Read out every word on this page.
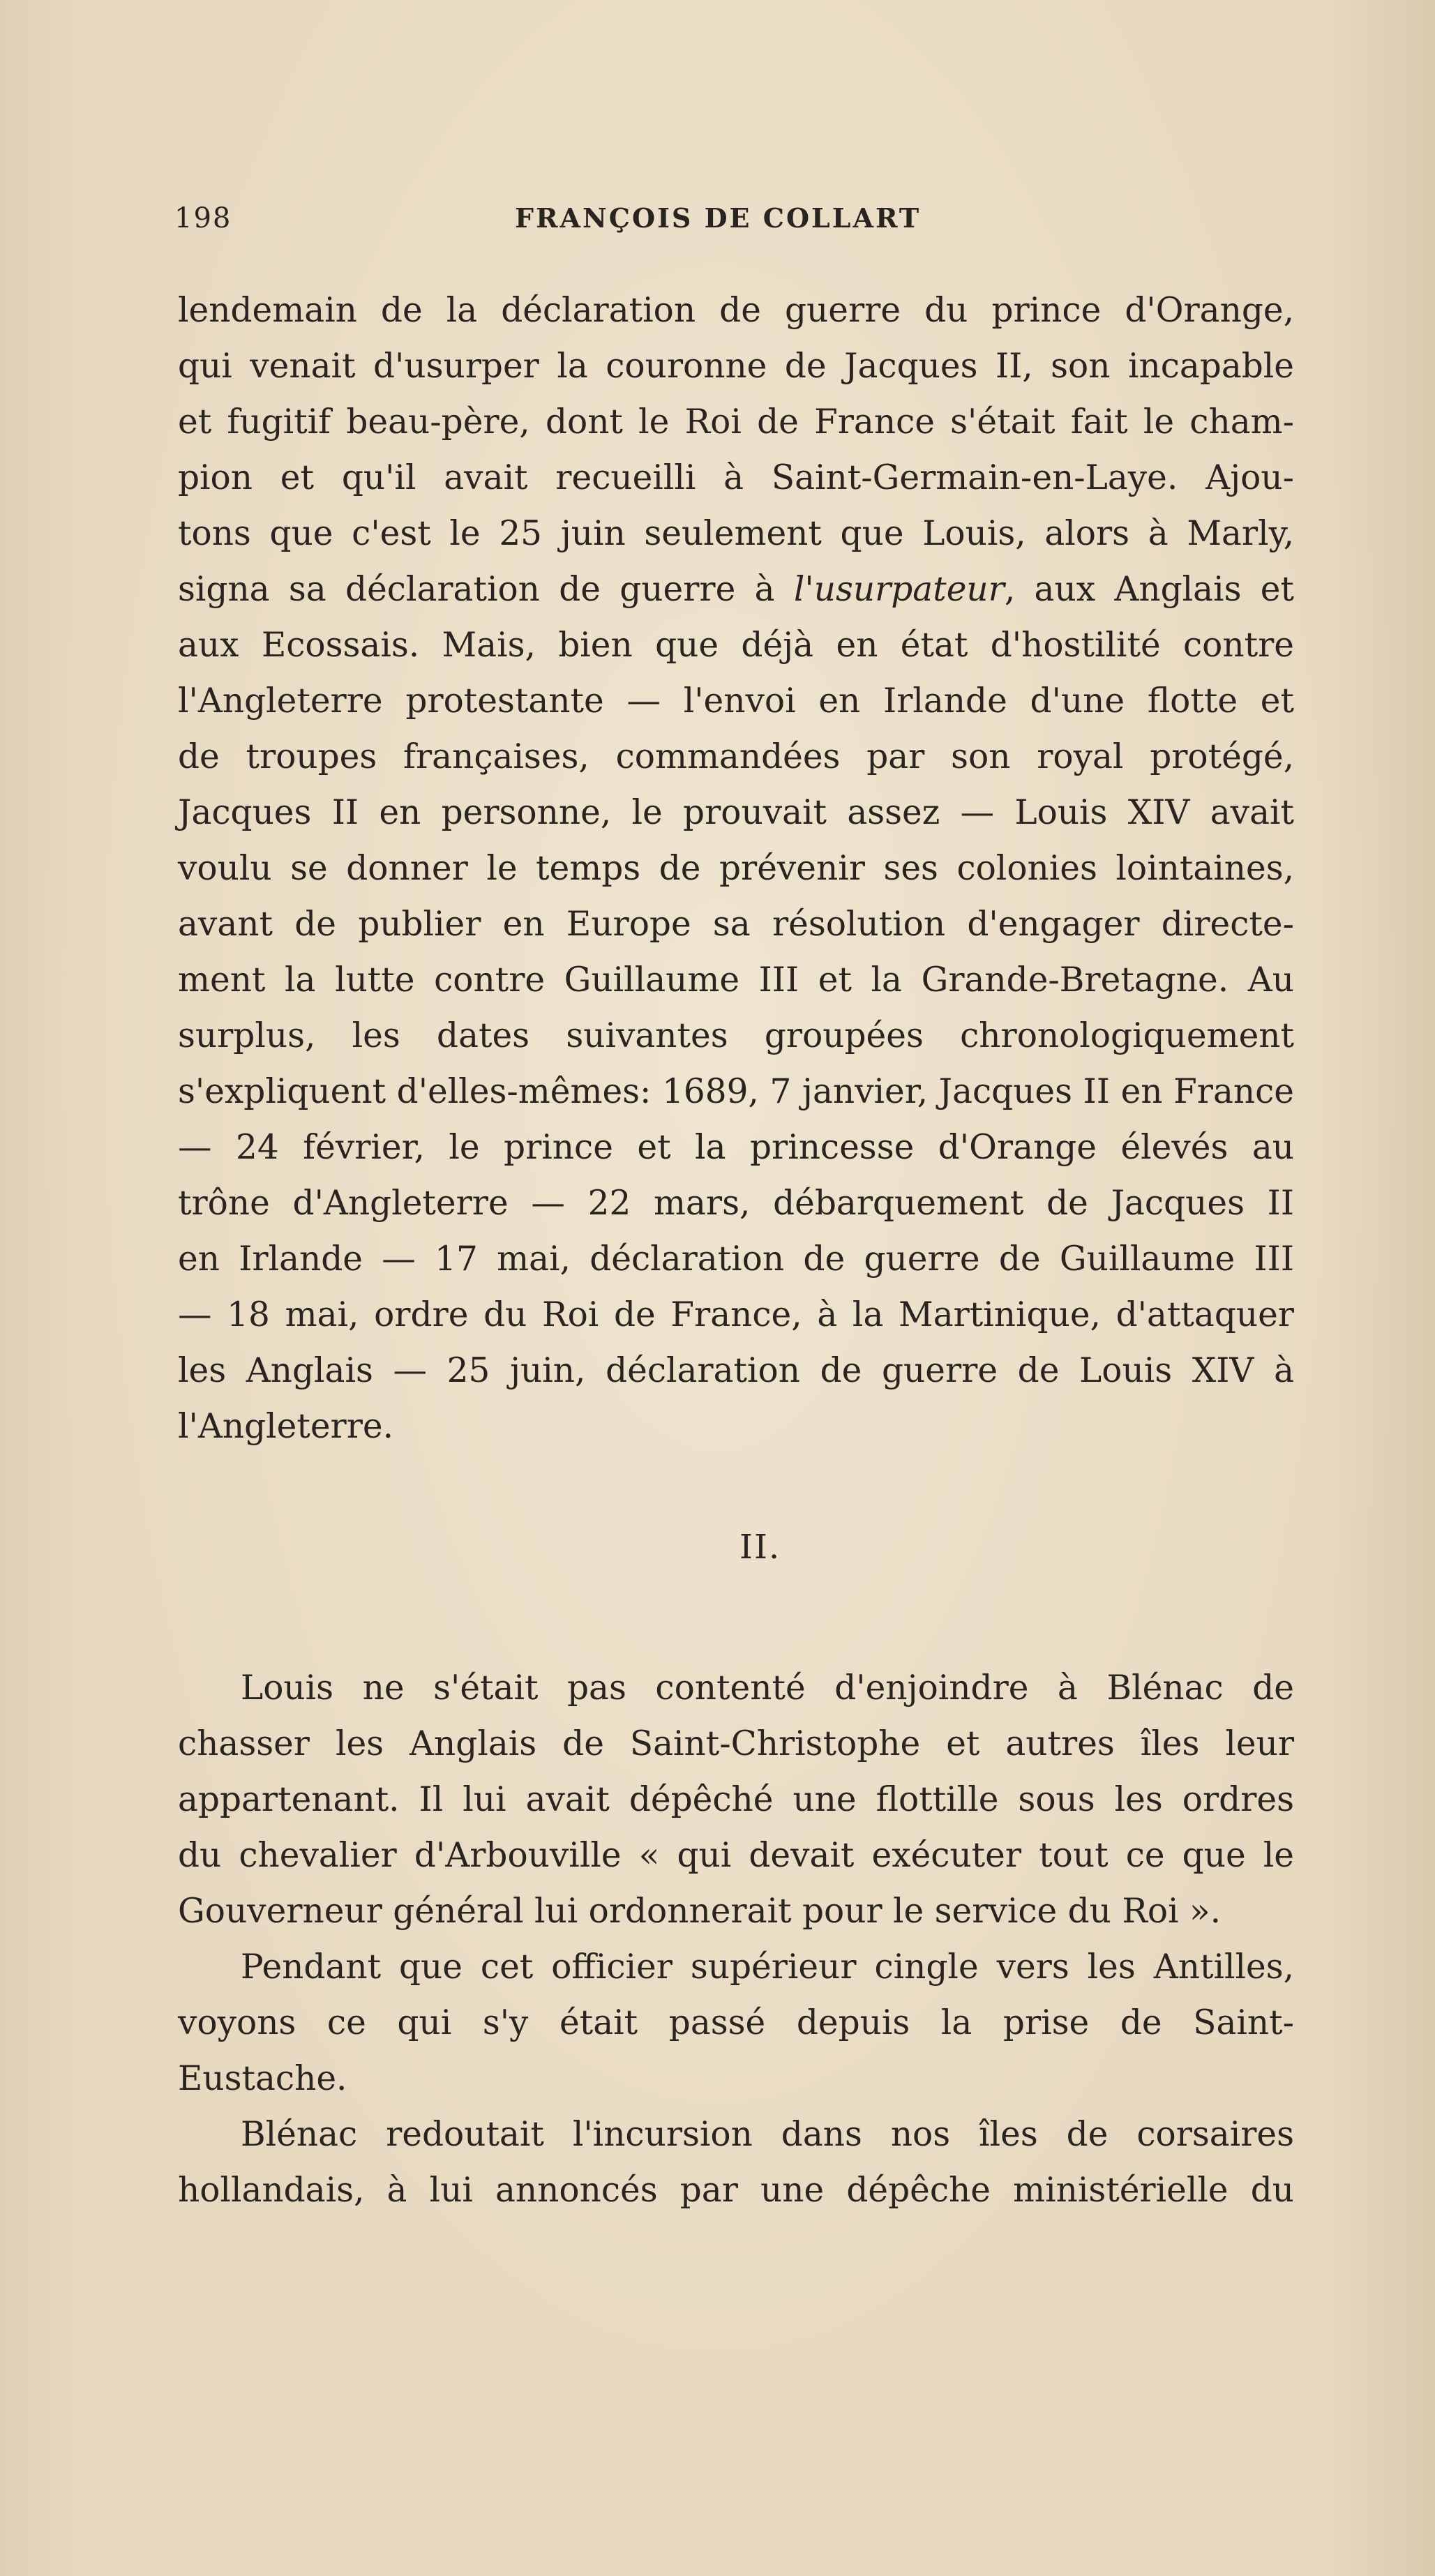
198	FRANÇOIS DE COLLART
lendemain de la déclaration de guerre du prince d'Orange,
qui venait d'usurper la couronne de Jacques II, son incapable
et fugitif beau-père, dont le Roi de France s'était fait le cham-
pion et qu'il avait recueilli à Saint-Germain-en-Laye. Ajou-
tons que c'est le 25 juin seulement que Louis, alors à Marly,
signa sa déclaration de guerre à l'usurpateur, aux Anglais et
aux Ecossais. Mais, bien que déjà en état d'hostilité contre
l'Angleterre protestante — l'envoi en Irlande d'une flotte et
de troupes françaises, commandées par son royal protégé,
Jacques II en personne, le prouvait assez — Louis XIV avait
voulu se donner le temps de prévenir ses colonies lointaines,
avant de publier en Europe sa résolution d'engager directe-
ment la lutte contre Guillaume III et la Grande-Bretagne. Au
surplus, les dates suivantes groupées chronologiquement
s'expliquent d'elles-mêmes: 1689, 7 janvier, Jacques II en France
— 24 février, le prince et la princesse d'Orange élevés au
trône d'Angleterre — 22 mars, débarquement de Jacques II
en Irlande — 17 mai, déclaration de guerre de Guillaume III
— 18 mai, ordre du Roi de France, à la Martinique, d'attaquer
les Anglais — 25 juin, déclaration de guerre de Louis XIV à
l'Angleterre.
II.
Louis ne s'était pas contenté d'enjoindre à Blénac de
chasser les Anglais de Saint-Christophe et autres îles leur
appartenant. Il lui avait dépêché une flottille sous les ordres
du chevalier d'Arbouville « qui devait exécuter tout ce que le
Gouverneur général lui ordonnerait pour le service du Roi ».
Pendant que cet officier supérieur cingle vers les Antilles,
voyons ce qui s'y était passé depuis la prise de Saint-
Eustache.
Blénac redoutait l'incursion dans nos îles de corsaires
hollandais, à lui annoncés par une dépêche ministérielle du
